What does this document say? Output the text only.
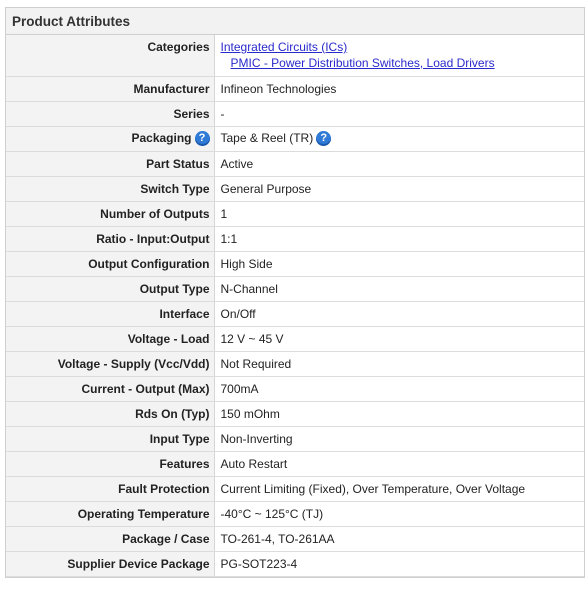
Product Attributes
Categories	Integrated Circuits (ICs)
PMIC - Power Distribution Switches, Load Drivers

Manufacturer	Infineon Technologies
Series	-
Packaging ?	Tape & Reel (TR) ?
Part Status	Active
Switch Type	General Purpose
Number of Outputs	1
Ratio - Input:Output	1:1
Output Configuration	High Side
Output Type	N-Channel
Interface	On/Off
Voltage - Load	12 V ~ 45 V
Voltage - Supply (Vcc/Vdd)	Not Required
Current - Output (Max)	700mA
Rds On (Typ)	150 mOhm
Input Type	Non-Inverting
Features	Auto Restart
Fault Protection	Current Limiting (Fixed), Over Temperature, Over Voltage
Operating Temperature	-40°C ~ 125°C (TJ)
Package / Case	TO-261-4, TO-261AA
Supplier Device Package	PG-SOT223-4
